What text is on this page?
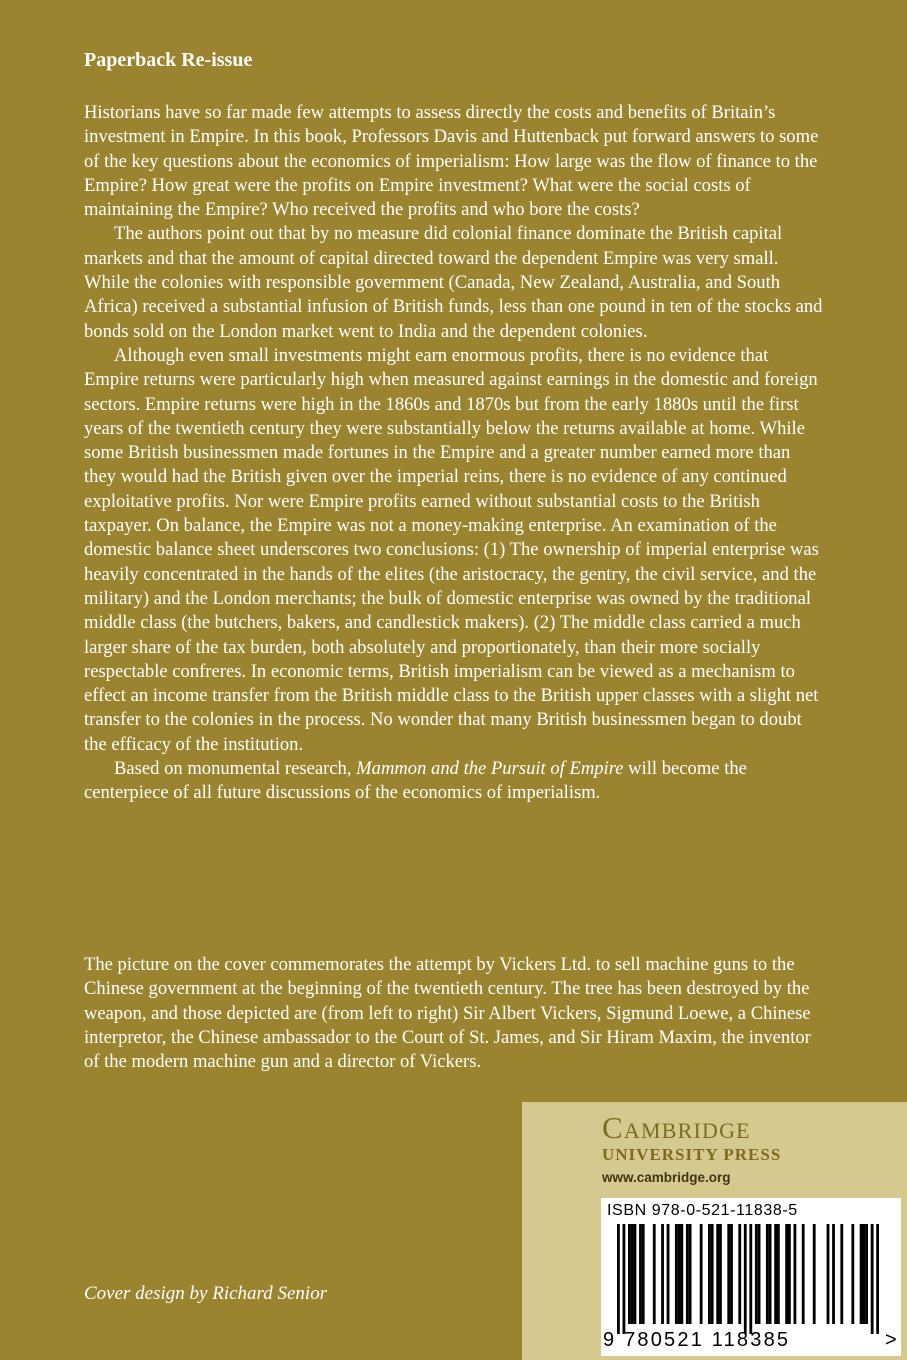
Paperback Re-issue

Historians have so far made few attempts to assess directly the costs and benefits of Britain’s investment in Empire. In this book, Professors Davis and Huttenback put forward answers to some of the key questions about the economics of imperialism: How large was the flow of finance to the Empire? How great were the profits on Empire investment? What were the social costs of maintaining the Empire? Who received the profits and who bore the costs?

The authors point out that by no measure did colonial finance dominate the British capital markets and that the amount of capital directed toward the dependent Empire was very small. While the colonies with responsible government (Canada, New Zealand, Australia, and South Africa) received a substantial infusion of British funds, less than one pound in ten of the stocks and bonds sold on the London market went to India and the dependent colonies.

Although even small investments might earn enormous profits, there is no evidence that Empire returns were particularly high when measured against earnings in the domestic and foreign sectors. Empire returns were high in the 1860s and 1870s but from the early 1880s until the first years of the twentieth century they were substantially below the returns available at home. While some British businessmen made fortunes in the Empire and a greater number earned more than they would had the British given over the imperial reins, there is no evidence of any continued exploitative profits. Nor were Empire profits earned without substantial costs to the British taxpayer. On balance, the Empire was not a money-making enterprise. An examination of the domestic balance sheet underscores two conclusions: (1) The ownership of imperial enterprise was heavily concentrated in the hands of the elites (the aristocracy, the gentry, the civil service, and the military) and the London merchants; the bulk of domestic enterprise was owned by the traditional middle class (the butchers, bakers, and candlestick makers). (2) The middle class carried a much larger share of the tax burden, both absolutely and proportionately, than their more socially respectable confreres. In economic terms, British imperialism can be viewed as a mechanism to effect an income transfer from the British middle class to the British upper classes with a slight net transfer to the colonies in the process. No wonder that many British businessmen began to doubt the efficacy of the institution.

Based on monumental research, Mammon and the Pursuit of Empire will become the centerpiece of all future discussions of the economics of imperialism.

The picture on the cover commemorates the attempt by Vickers Ltd. to sell machine guns to the Chinese government at the beginning of the twentieth century. The tree has been destroyed by the weapon, and those depicted are (from left to right) Sir Albert Vickers, Sigmund Loewe, a Chinese interpretor, the Chinese ambassador to the Court of St. James, and Sir Hiram Maxim, the inventor of the modern machine gun and a director of Vickers.

Cover design by Richard Senior

Cambridge
UNIVERSITY PRESS
www.cambridge.org
ISBN 978-0-521-11838-5
9 780521 118385	>
